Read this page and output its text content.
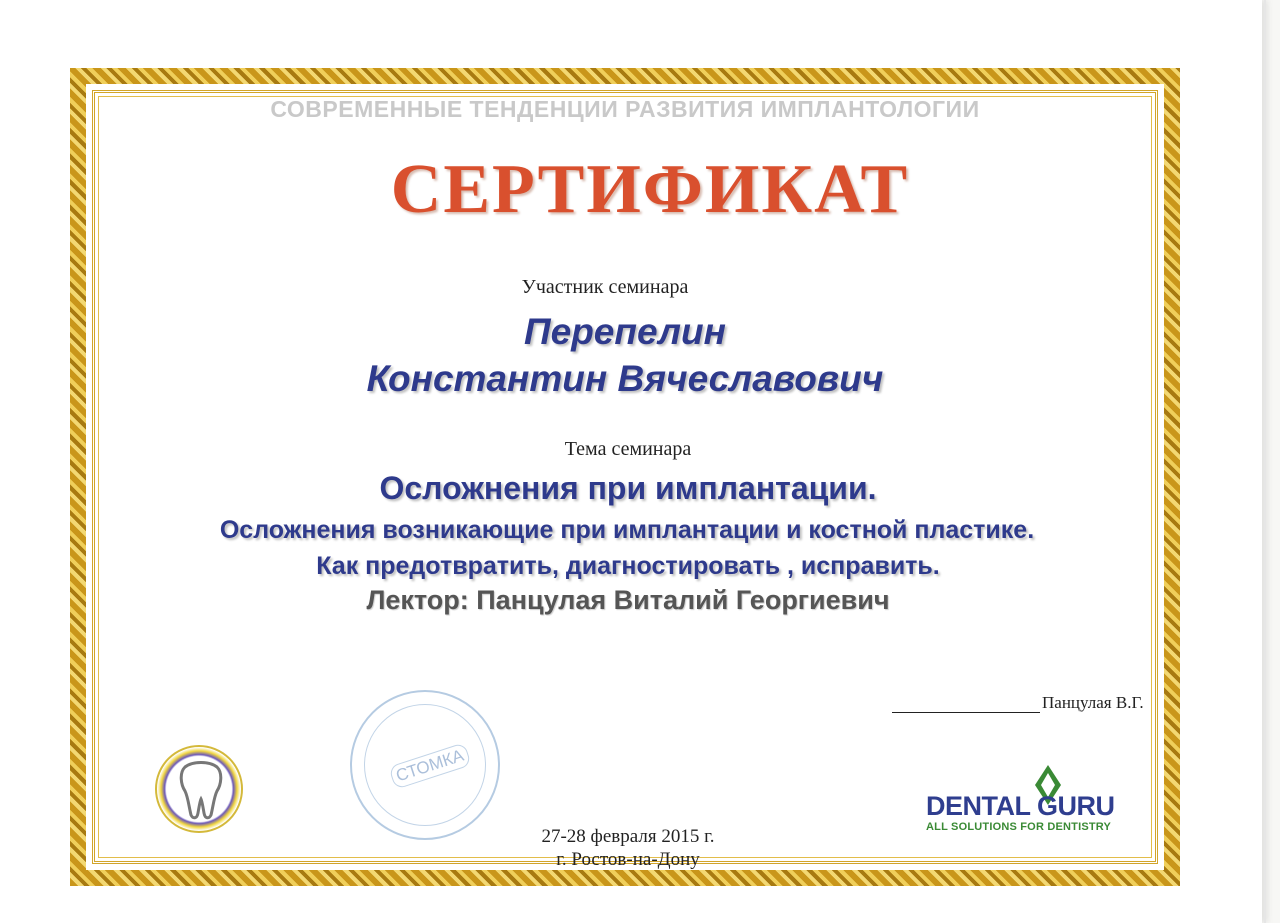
СОВРЕМЕННЫЕ ТЕНДЕНЦИИ РАЗВИТИЯ ИМПЛАНТОЛОГИИ
СЕРТИФИКАТ
Участник семинара
Перепелин
Константин Вячеславович
Тема семинара
Осложнения при имплантации.
Осложнения возникающие при имплантации и костной пластике.
Как предотвратить, диагностировать , исправить.
Лектор: Панцулая Виталий Георгиевич
Панцулая В.Г.
СТОМКА
DENTAL GURU
ALL SOLUTIONS FOR DENTISTRY
27-28 февраля 2015 г.
г. Ростов-на-Дону
